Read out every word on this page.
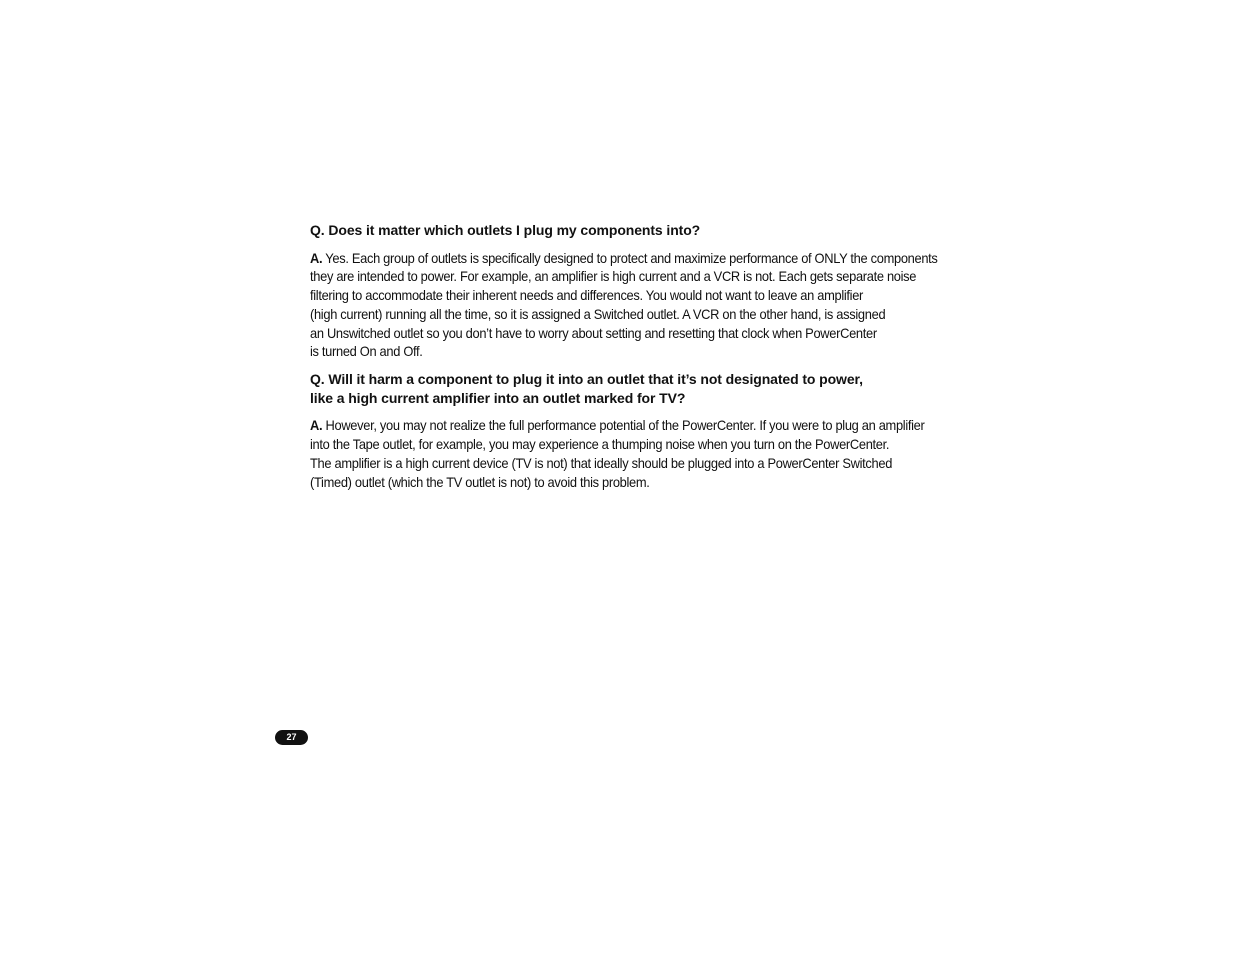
Q. Does it matter which outlets I plug my components into?
A. Yes. Each group of outlets is specifically designed to protect and maximize performance of ONLY the components
they are intended to power. For example, an amplifier is high current and a VCR is not. Each gets separate noise
filtering to accommodate their inherent needs and differences. You would not want to leave an amplifier
(high current) running all the time, so it is assigned a Switched outlet. A VCR on the other hand, is assigned
an Unswitched outlet so you don’t have to worry about setting and resetting that clock when PowerCenter
is turned On and Off.
Q. Will it harm a component to plug it into an outlet that it’s not designated to power,
like a high current amplifier into an outlet marked for TV?
A. However, you may not realize the full performance potential of the PowerCenter. If you were to plug an amplifier
into the Tape outlet, for example, you may experience a thumping noise when you turn on the PowerCenter.
The amplifier is a high current device (TV is not) that ideally should be plugged into a PowerCenter Switched
(Timed) outlet (which the TV outlet is not) to avoid this problem.
27
